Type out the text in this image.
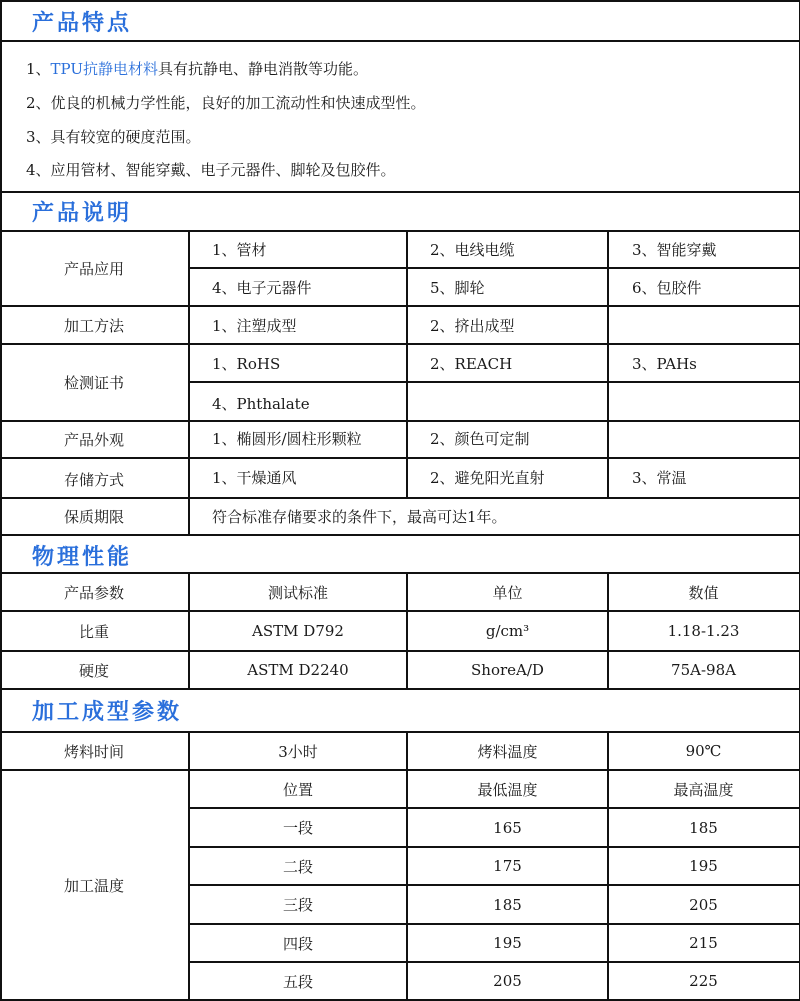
产品特点
1、TPU抗静电材料具有抗静电、静电消散等功能。
2、优良的机械力学性能，良好的加工流动性和快速成型性。
3、具有较宽的硬度范围。
4、应用管材、智能穿戴、电子元器件、脚轮及包胶件。
产品说明
产品应用
1、管材	2、电线电缆	3、智能穿戴
4、电子元器件	5、脚轮	6、包胶件
加工方法	1、注塑成型	2、挤出成型
检测证书
1、RoHS	2、REACH	3、PAHs
4、Phthalate
产品外观	1、椭圆形/圆柱形颗粒	2、颜色可定制
存储方式	1、干燥通风	2、避免阳光直射	3、常温
保质期限	符合标准存储要求的条件下，最高可达1年。
物理性能
产品参数	测试标准	单位	数值
比重	ASTM D792	g/cm³	1.18-1.23
硬度	ASTM D2240	ShoreA/D	75A-98A
加工成型参数
烤料时间	3小时	烤料温度	90℃
加工温度
位置	最低温度	最高温度
一段	165	185
二段	175	195
三段	185	205
四段	195	215
五段	205	225
